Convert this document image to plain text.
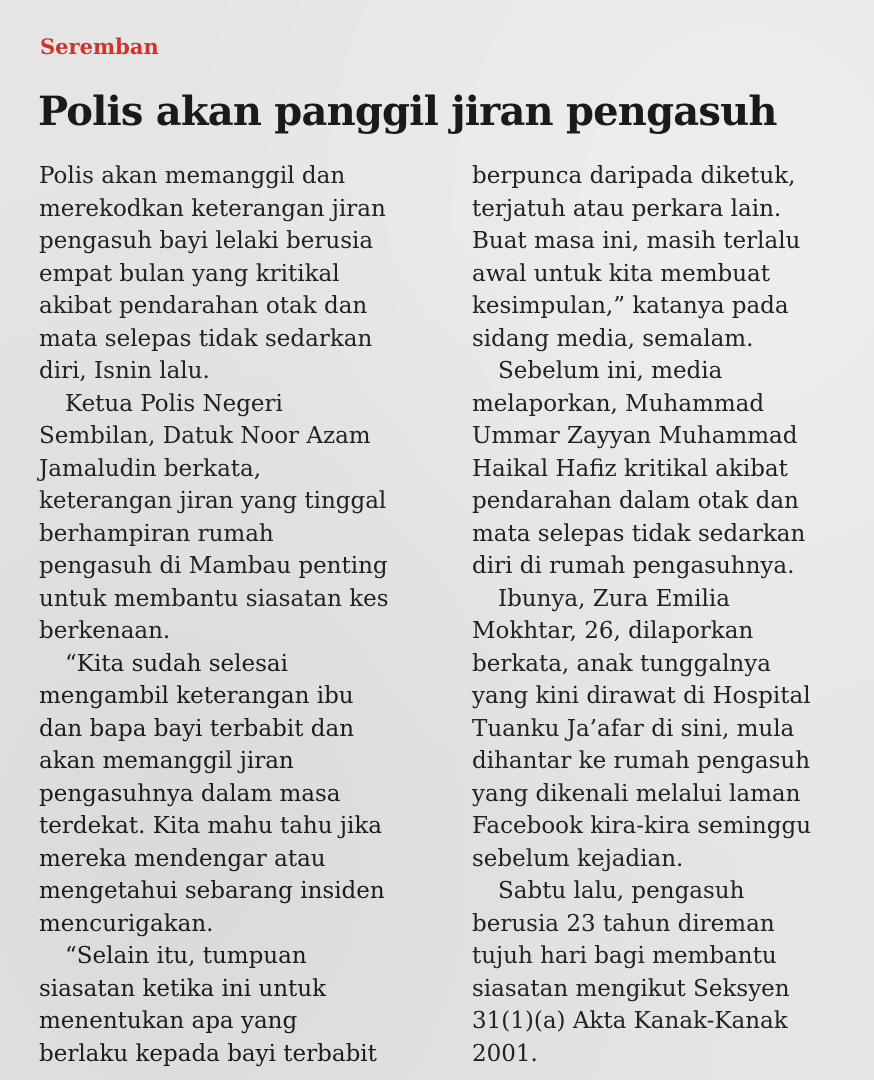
Seremban
Polis akan panggil jiran pengasuh

Polis akan memanggil dan
merekodkan keterangan jiran
pengasuh bayi lelaki berusia
empat bulan yang kritikal
akibat pendarahan otak dan
mata selepas tidak sedarkan
diri, Isnin lalu.

Ketua Polis Negeri
Sembilan, Datuk Noor Azam
Jamaludin berkata,
keterangan jiran yang tinggal
berhampiran rumah
pengasuh di Mambau penting
untuk membantu siasatan kes
berkenaan.

“Kita sudah selesai
mengambil keterangan ibu
dan bapa bayi terbabit dan
akan memanggil jiran
pengasuhnya dalam masa
terdekat. Kita mahu tahu jika
mereka mendengar atau
mengetahui sebarang insiden
mencurigakan.

“Selain itu, tumpuan
siasatan ketika ini untuk
menentukan apa yang
berlaku kepada bayi terbabit

berpunca daripada diketuk,
terjatuh atau perkara lain.
Buat masa ini, masih terlalu
awal untuk kita membuat
kesimpulan,” katanya pada
sidang media, semalam.

Sebelum ini, media
melaporkan, Muhammad
Ummar Zayyan Muhammad
Haikal Hafiz kritikal akibat
pendarahan dalam otak dan
mata selepas tidak sedarkan
diri di rumah pengasuhnya.

Ibunya, Zura Emilia
Mokhtar, 26, dilaporkan
berkata, anak tunggalnya
yang kini dirawat di Hospital
Tuanku Ja’afar di sini, mula
dihantar ke rumah pengasuh
yang dikenali melalui laman
Facebook kira-kira seminggu
sebelum kejadian.

Sabtu lalu, pengasuh
berusia 23 tahun direman
tujuh hari bagi membantu
siasatan mengikut Seksyen
31(1)(a) Akta Kanak-Kanak
2001.
